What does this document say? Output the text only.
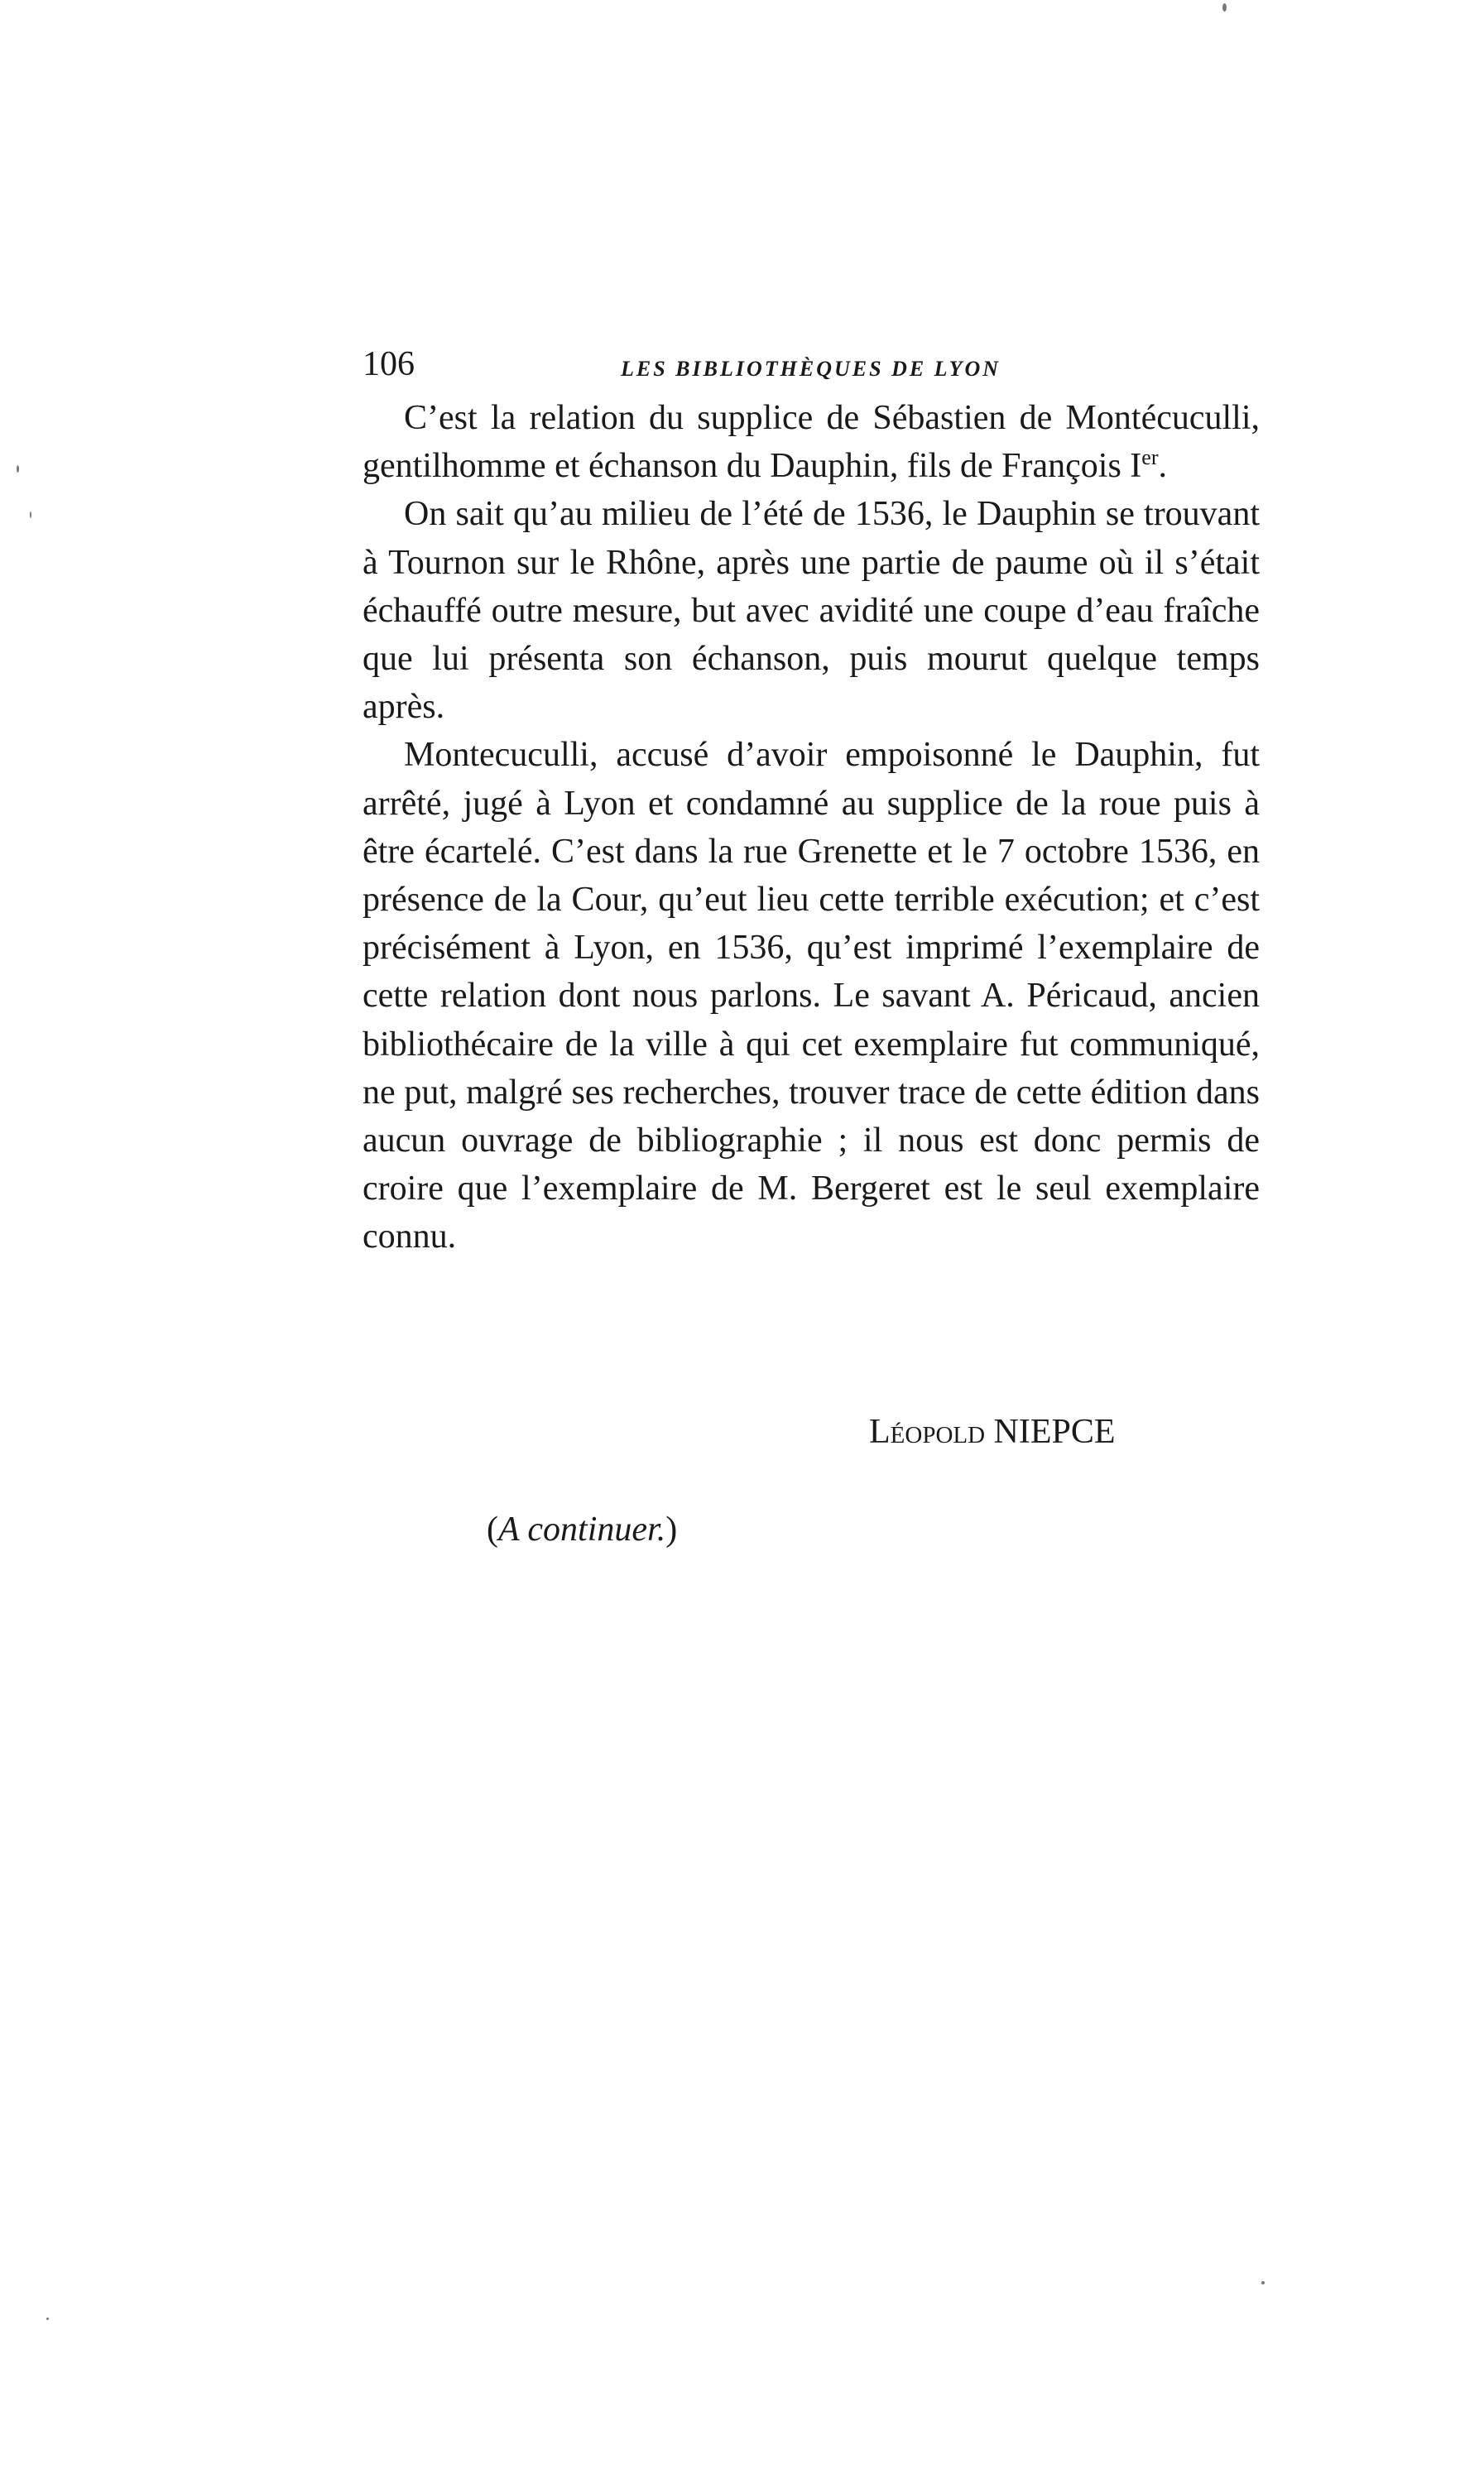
106	LES BIBLIOTHÈQUES DE LYON

C’est la relation du supplice de Sébastien de Montécuculli, gentilhomme et échanson du Dauphin, fils de François Ier.

On sait qu’au milieu de l’été de 1536, le Dauphin se trouvant à Tournon sur le Rhône, après une partie de paume où il s’était échauffé outre mesure, but avec avidité une coupe d’eau fraîche que lui présenta son échanson, puis mourut quelque temps après.

Montecuculli, accusé d’avoir empoisonné le Dauphin, fut arrêté, jugé à Lyon et condamné au supplice de la roue puis à être écartelé. C’est dans la rue Grenette et le 7 octobre 1536, en présence de la Cour, qu’eut lieu cette terrible exécution; et c’est précisément à Lyon, en 1536, qu’est imprimé l’exemplaire de cette relation dont nous parlons. Le savant A. Péricaud, ancien bibliothécaire de la ville à qui cet exemplaire fut communiqué, ne put, malgré ses recherches, trouver trace de cette édition dans aucun ouvrage de bibliographie ; il nous est donc permis de croire que l’exemplaire de M. Bergeret est le seul exemplaire connu.

Léopold NIEPCE
(A continuer.)
